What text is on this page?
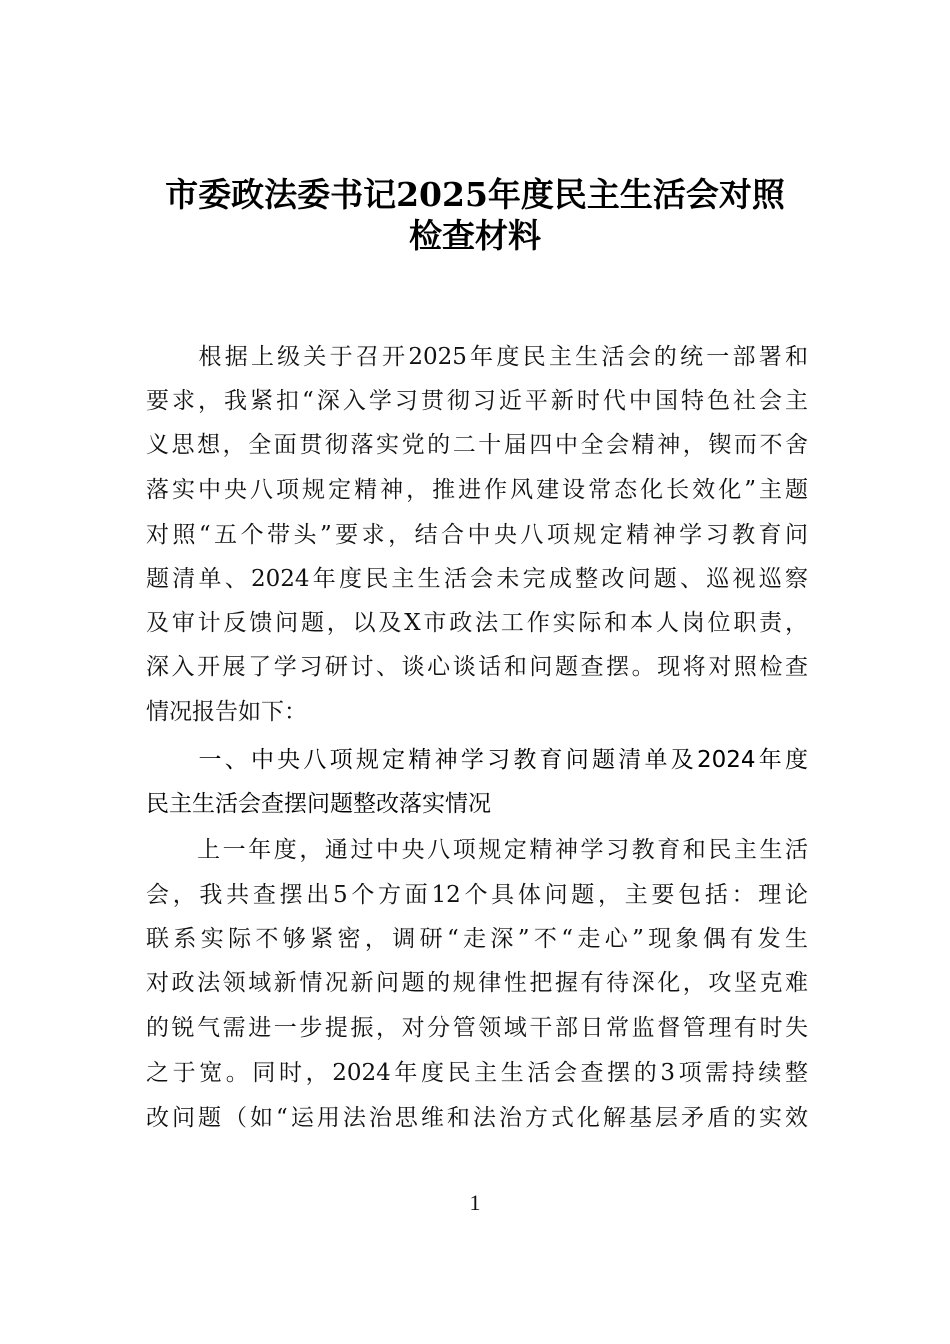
市委政法委书记2025年度民主生活会对照
检查材料
　　根据上级关于召开2025年度民主生活会的统一部署和
要求，我紧扣“深入学习贯彻习近平新时代中国特色社会主
义思想，全面贯彻落实党的二十届四中全会精神，锲而不舍
落实中央八项规定精神，推进作风建设常态化长效化”主题
对照“五个带头”要求，结合中央八项规定精神学习教育问
题清单、2024年度民主生活会未完成整改问题、巡视巡察
及审计反馈问题，以及X市政法工作实际和本人岗位职责，
深入开展了学习研讨、谈心谈话和问题查摆。现将对照检查
情况报告如下：
　　一、中央八项规定精神学习教育问题清单及2024年度
民主生活会查摆问题整改落实情况
　　上一年度，通过中央八项规定精神学习教育和民主生活
会，我共查摆出5个方面12个具体问题，主要包括：理论
联系实际不够紧密，调研“走深”不“走心”现象偶有发生
对政法领域新情况新问题的规律性把握有待深化，攻坚克难
的锐气需进一步提振，对分管领域干部日常监督管理有时失
之于宽。同时，2024年度民主生活会查摆的3项需持续整
改问题（如“运用法治思维和法治方式化解基层矛盾的实效
1
